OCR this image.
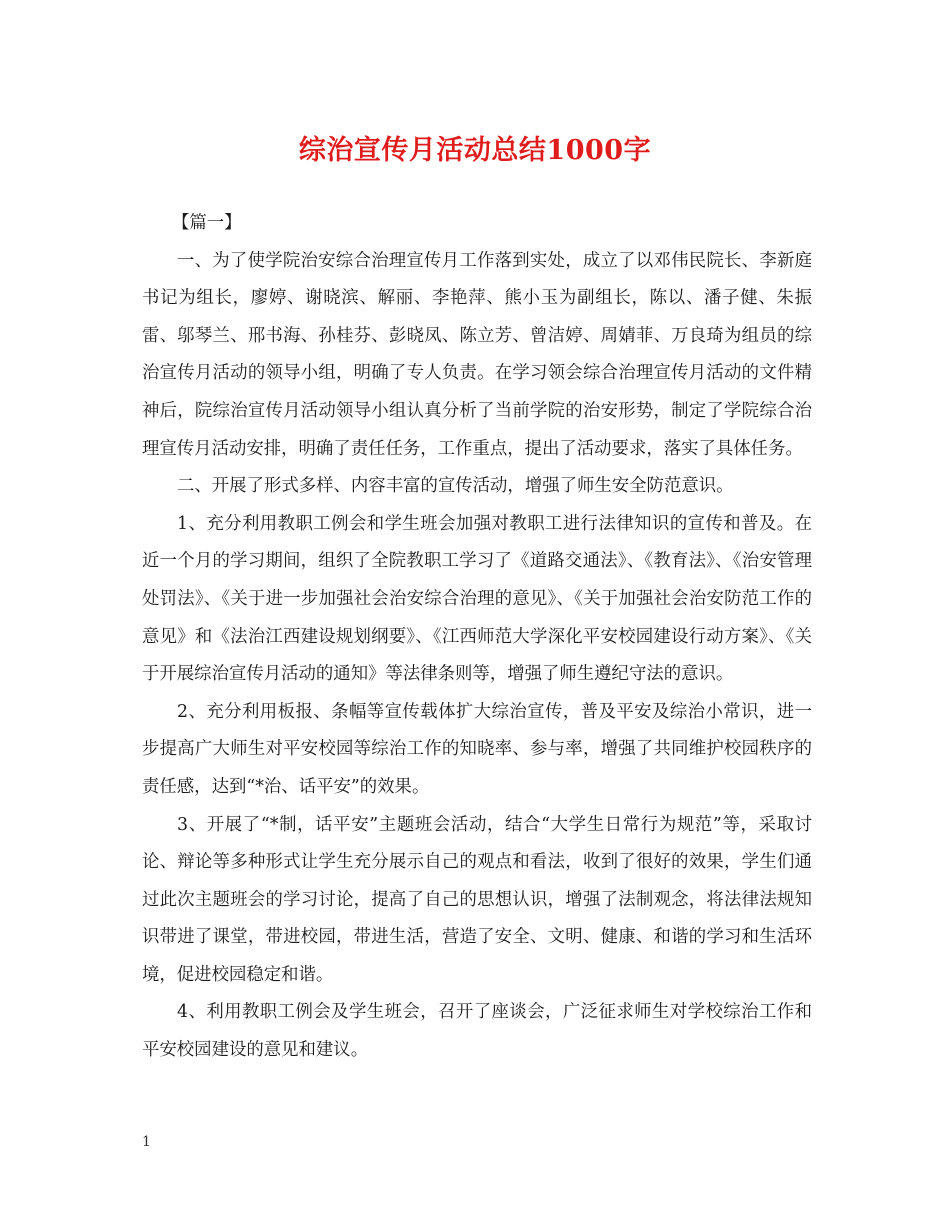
综治宣传月活动总结1000字

【篇一】

一、为了使学院治安综合治理宣传月工作落到实处，成立了以邓伟民院长、李新庭书记为组长，廖婷、谢晓滨、解丽、李艳萍、熊小玉为副组长，陈以、潘子健、朱振雷、邬琴兰、邢书海、孙桂芬、彭晓凤、陈立芳、曾洁婷、周婧菲、万良琦为组员的综治宣传月活动的领导小组，明确了专人负责。在学习领会综合治理宣传月活动的文件精神后，院综治宣传月活动领导小组认真分析了当前学院的治安形势，制定了学院综合治理宣传月活动安排，明确了责任任务，工作重点，提出了活动要求，落实了具体任务。

二、开展了形式多样、内容丰富的宣传活动，增强了师生安全防范意识。

1、充分利用教职工例会和学生班会加强对教职工进行法律知识的宣传和普及。在近一个月的学习期间，组织了全院教职工学习了《道路交通法》、《教育法》、《治安管理处罚法》、《关于进一步加强社会治安综合治理的意见》、《关于加强社会治安防范工作的意见》和《法治江西建设规划纲要》、《江西师范大学深化平安校园建设行动方案》、《关于开展综治宣传月活动的通知》等法律条则等，增强了师生遵纪守法的意识。

2、充分利用板报、条幅等宣传载体扩大综治宣传，普及平安及综治小常识，进一步提高广大师生对平安校园等综治工作的知晓率、参与率，增强了共同维护校园秩序的责任感，达到“*治、话平安”的效果。

3、开展了“*制，话平安”主题班会活动，结合“大学生日常行为规范”等，采取讨论、辩论等多种形式让学生充分展示自己的观点和看法，收到了很好的效果，学生们通过此次主题班会的学习讨论，提高了自己的思想认识，增强了法制观念，将法律法规知识带进了课堂，带进校园，带进生活，营造了安全、文明、健康、和谐的学习和生活环境，促进校园稳定和谐。

4、利用教职工例会及学生班会，召开了座谈会，广泛征求师生对学校综治工作和平安校园建设的意见和建议。

1
